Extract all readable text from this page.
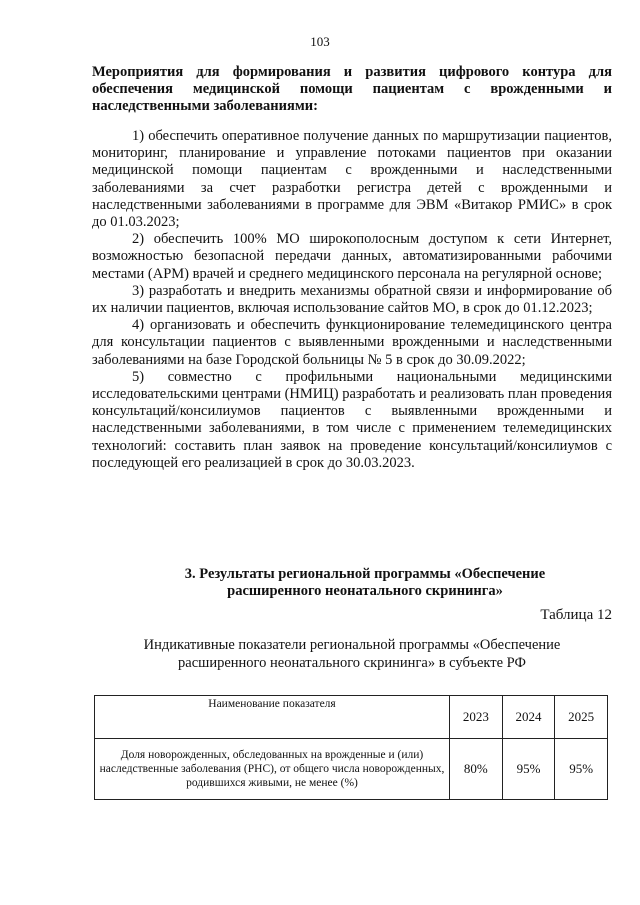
103
Мероприятия для формирования и развития цифрового контура для обеспечения медицинской помощи пациентам с врожденными и наследственными заболеваниями:

1) обеспечить оперативное получение данных по маршрутизации пациентов, мониторинг, планирование и управление потоками пациентов при оказании медицинской помощи пациентам с врожденными и наследственными заболеваниями за счет разработки регистра детей с врожденными и наследственными заболеваниями в программе для ЭВМ «Витакор РМИС» в срок до 01.03.2023;

2) обеспечить 100% МО широкополосным доступом к сети Интернет, возможностью безопасной передачи данных, автоматизированными рабочими местами (АРМ) врачей и среднего медицинского персонала на регулярной основе;

3) разработать и внедрить механизмы обратной связи и информирование об их наличии пациентов, включая использование сайтов МО, в срок до 01.12.2023;

4) организовать и обеспечить функционирование телемедицинского центра для консультации пациентов с выявленными врожденными и наследственными заболеваниями на базе Городской больницы № 5 в срок до 30.09.2022;

5) совместно с профильными национальными медицинскими исследовательскими центрами (НМИЦ) разработать и реализовать план проведения консультаций/консилиумов пациентов с выявленными врожденными и наследственными заболеваниями, в том числе с применением телемедицинских технологий: составить план заявок на проведение консультаций/консилиумов с последующей его реализацией в срок до 30.03.2023.

3. Результаты региональной программы «Обеспечение
расширенного неонатального скрининга»
Таблица 12
Индикативные показатели региональной программы «Обеспечение
расширенного неонатального скрининга» в субъекте РФ
Наименование показателя	2023	2024	2025
Доля новорожденных, обследованных на врожденные и (или) наследственные заболевания (РНС), от общего числа новорожденных, родившихся живыми, не менее (%)	80%	95%	95%
